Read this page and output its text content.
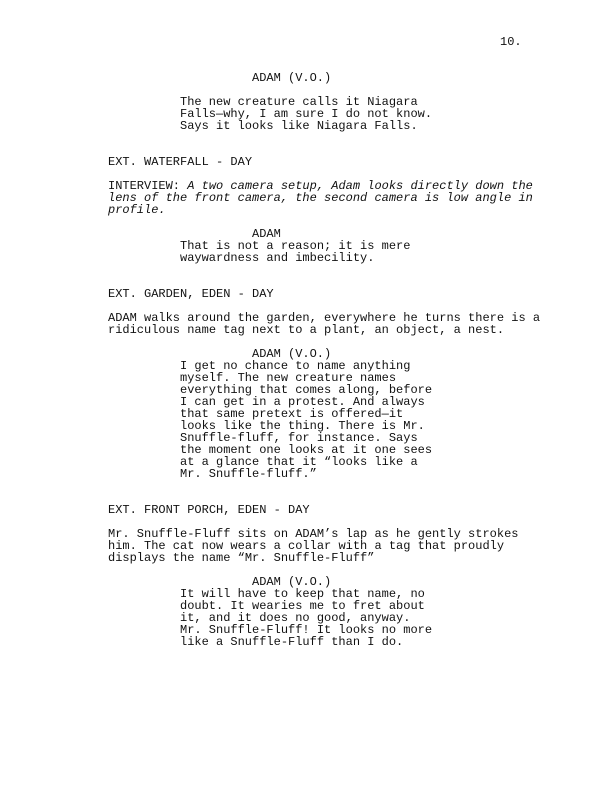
10.
ADAM (V.O.)
The new creature calls it Niagara
Falls—why, I am sure I do not know.
Says it looks like Niagara Falls.
EXT. WATERFALL - DAY
INTERVIEW: A two camera setup, Adam looks directly down the
lens of the front camera, the second camera is low angle in
profile.
ADAM
That is not a reason; it is mere
waywardness and imbecility.
EXT. GARDEN, EDEN - DAY
ADAM walks around the garden, everywhere he turns there is a
ridiculous name tag next to a plant, an object, a nest.
ADAM (V.O.)
I get no chance to name anything
myself. The new creature names
everything that comes along, before
I can get in a protest. And always
that same pretext is offered—it
looks like the thing. There is Mr.
Snuffle-fluff, for instance. Says
the moment one looks at it one sees
at a glance that it “looks like a
Mr. Snuffle-fluff.”
EXT. FRONT PORCH, EDEN - DAY
Mr. Snuffle-Fluff sits on ADAM’s lap as he gently strokes
him. The cat now wears a collar with a tag that proudly
displays the name “Mr. Snuffle-Fluff”
ADAM (V.O.)
It will have to keep that name, no
doubt. It wearies me to fret about
it, and it does no good, anyway.
Mr. Snuffle-Fluff! It looks no more
like a Snuffle-Fluff than I do.
